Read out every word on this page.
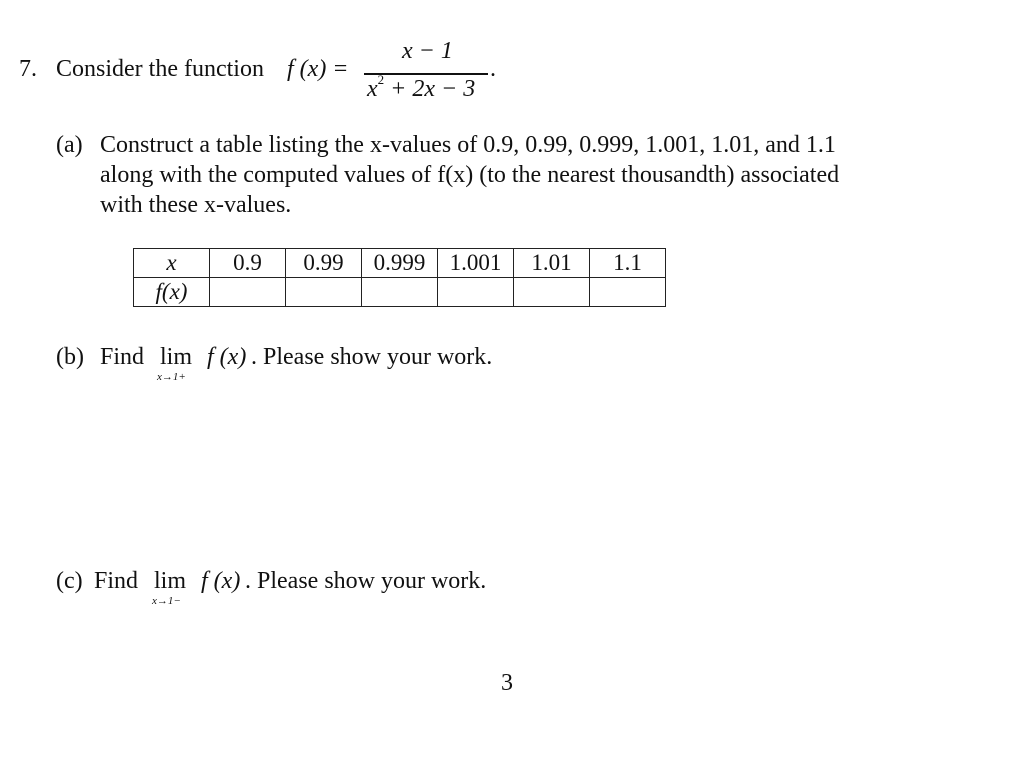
7. Consider the function f (x) =
x − 1
$x^2 + 2x - 3$
.
(a) Construct a table listing the x-values of 0.9, 0.99, 0.999, 1.001, 1.01, and 1.1
along with the computed values of f(x) (to the nearest thousandth) associated
with these x-values.
x	0.9	0.99	0.999	1.001	1.01	1.1
f(x)						
(b) Find lim
x→1+
f (x) . Please show your work.
(c) Find lim
x→1−
f (x) . Please show your work.
3
